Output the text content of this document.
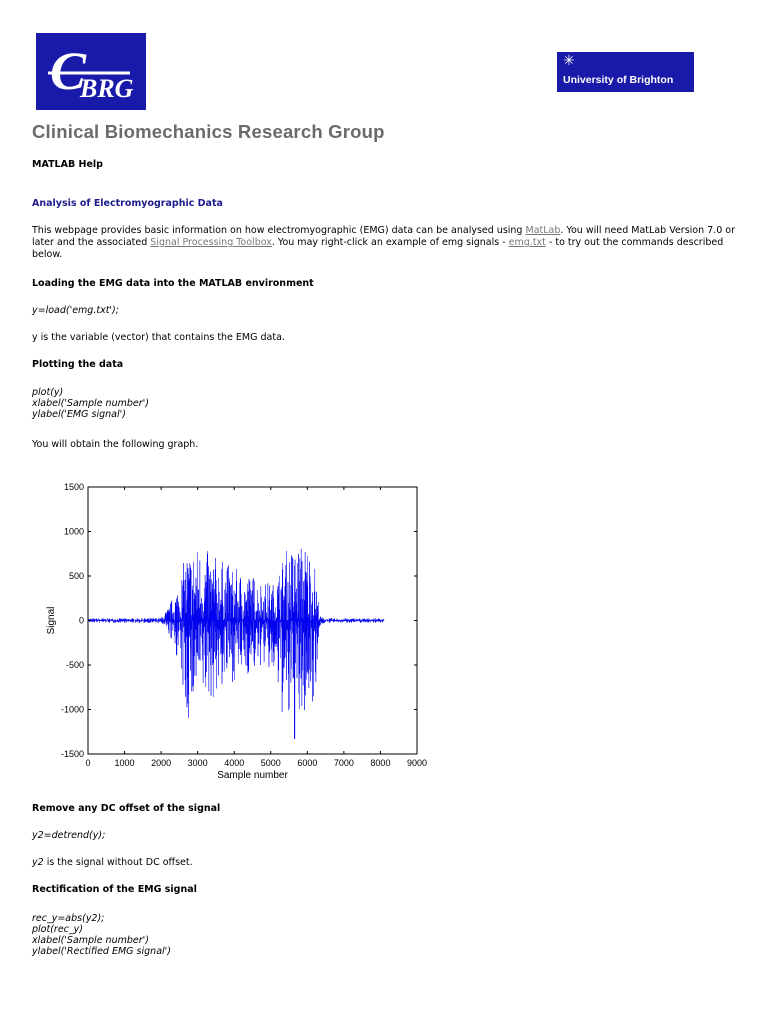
C
BRG
✳
University of Brighton
Clinical Biomechanics Research Group
MATLAB Help
Analysis of Electromyographic Data
This webpage provides basic information on how electromyographic (EMG) data can be analysed using MatLab. You will need MatLab Version 7.0 or later and the associated Signal Processing Toolbox. You may right-click an example of emg signals - emg.txt - to try out the commands described below.
Loading the EMG data into the MATLAB environment
y=load('emg.txt');
y is the variable (vector) that contains the EMG data.
Plotting the data
plot(y)
xlabel('Sample number')
ylabel('EMG signal')
You will obtain the following graph.
0	1000 2000 3000 4000 5000 6000 7000 8000 9000
1500
1000
500
0
-500
-1000
-1500
Sample number
Signal
Remove any DC offset of the signal
y2=detrend(y);
y2 is the signal without DC offset.
Rectification of the EMG signal
rec_y=abs(y2);
plot(rec_y)
xlabel('Sample number')
ylabel('Rectified EMG signal')
